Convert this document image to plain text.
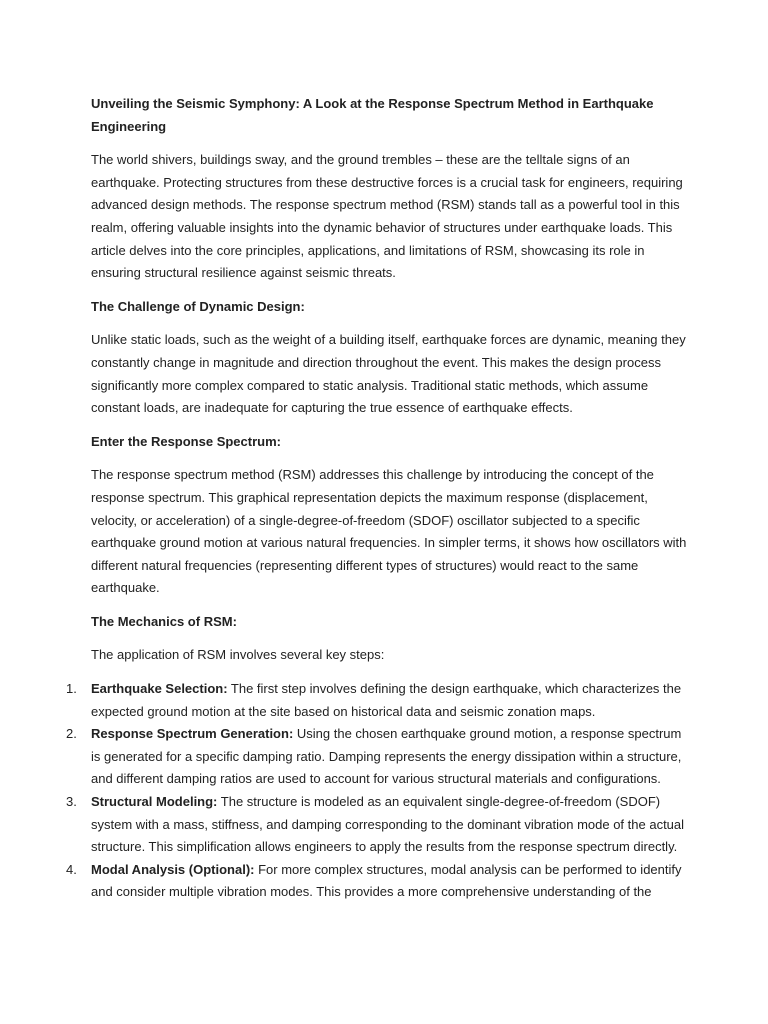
Unveiling the Seismic Symphony: A Look at the Response Spectrum Method in Earthquake Engineering

The world shivers, buildings sway, and the ground trembles – these are the telltale signs of an earthquake. Protecting structures from these destructive forces is a crucial task for engineers, requiring advanced design methods. The response spectrum method (RSM) stands tall as a powerful tool in this realm, offering valuable insights into the dynamic behavior of structures under earthquake loads. This article delves into the core principles, applications, and limitations of RSM, showcasing its role in ensuring structural resilience against seismic threats.

The Challenge of Dynamic Design:

Unlike static loads, such as the weight of a building itself, earthquake forces are dynamic, meaning they constantly change in magnitude and direction throughout the event. This makes the design process significantly more complex compared to static analysis. Traditional static methods, which assume constant loads, are inadequate for capturing the true essence of earthquake effects.

Enter the Response Spectrum:

The response spectrum method (RSM) addresses this challenge by introducing the concept of the response spectrum. This graphical representation depicts the maximum response (displacement, velocity, or acceleration) of a single-degree-of-freedom (SDOF) oscillator subjected to a specific earthquake ground motion at various natural frequencies. In simpler terms, it shows how oscillators with different natural frequencies (representing different types of structures) would react to the same earthquake.

The Mechanics of RSM:

The application of RSM involves several key steps:

1. Earthquake Selection: The first step involves defining the design earthquake, which characterizes the expected ground motion at the site based on historical data and seismic zonation maps.
2. Response Spectrum Generation: Using the chosen earthquake ground motion, a response spectrum is generated for a specific damping ratio. Damping represents the energy dissipation within a structure, and different damping ratios are used to account for various structural materials and configurations.
3. Structural Modeling: The structure is modeled as an equivalent single-degree-of-freedom (SDOF) system with a mass, stiffness, and damping corresponding to the dominant vibration mode of the actual structure. This simplification allows engineers to apply the results from the response spectrum directly.
4. Modal Analysis (Optional): For more complex structures, modal analysis can be performed to identify and consider multiple vibration modes. This provides a more comprehensive understanding of the
